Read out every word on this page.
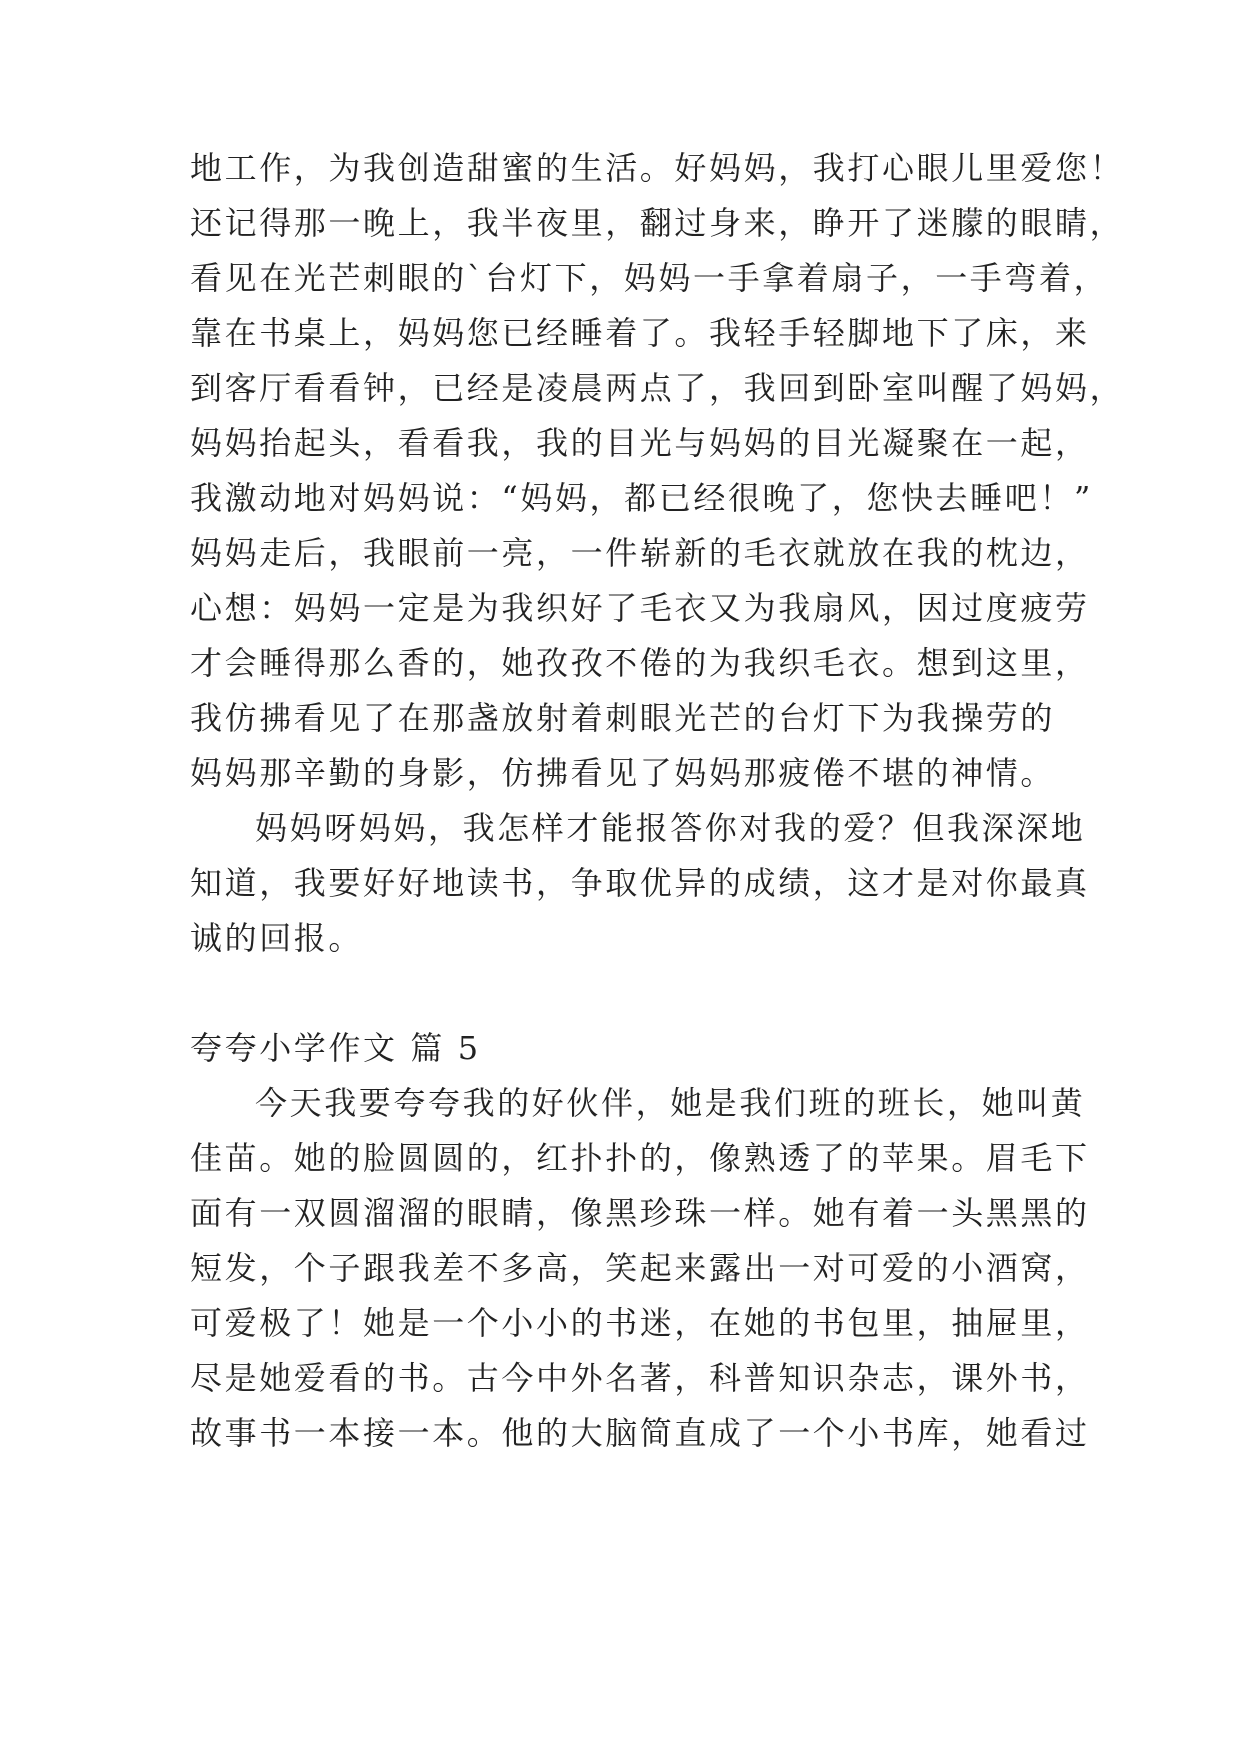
地工作，为我创造甜蜜的生活。好妈妈，我打心眼儿里爱您！
还记得那一晚上，我半夜里，翻过身来，睁开了迷朦的眼睛，
看见在光芒刺眼的`台灯下，妈妈一手拿着扇子，一手弯着，
靠在书桌上，妈妈您已经睡着了。我轻手轻脚地下了床，来
到客厅看看钟，已经是凌晨两点了，我回到卧室叫醒了妈妈，
妈妈抬起头，看看我，我的目光与妈妈的目光凝聚在一起，
我激动地对妈妈说：“妈妈，都已经很晚了，您快去睡吧！”
妈妈走后，我眼前一亮，一件崭新的毛衣就放在我的枕边，
心想：妈妈一定是为我织好了毛衣又为我扇风，因过度疲劳
才会睡得那么香的，她孜孜不倦的为我织毛衣。想到这里，
我仿拂看见了在那盏放射着刺眼光芒的台灯下为我操劳的
妈妈那辛勤的身影，仿拂看见了妈妈那疲倦不堪的神情。
妈妈呀妈妈，我怎样才能报答你对我的爱？但我深深地
知道，我要好好地读书，争取优异的成绩，这才是对你最真
诚的回报。
夸夸小学作文 篇 5
今天我要夸夸我的好伙伴，她是我们班的班长，她叫黄
佳苗。她的脸圆圆的，红扑扑的，像熟透了的苹果。眉毛下
面有一双圆溜溜的眼睛，像黑珍珠一样。她有着一头黑黑的
短发，个子跟我差不多高，笑起来露出一对可爱的小酒窝，
可爱极了！她是一个小小的书迷，在她的书包里，抽屉里，
尽是她爱看的书。古今中外名著，科普知识杂志，课外书，
故事书一本接一本。他的大脑简直成了一个小书库，她看过
